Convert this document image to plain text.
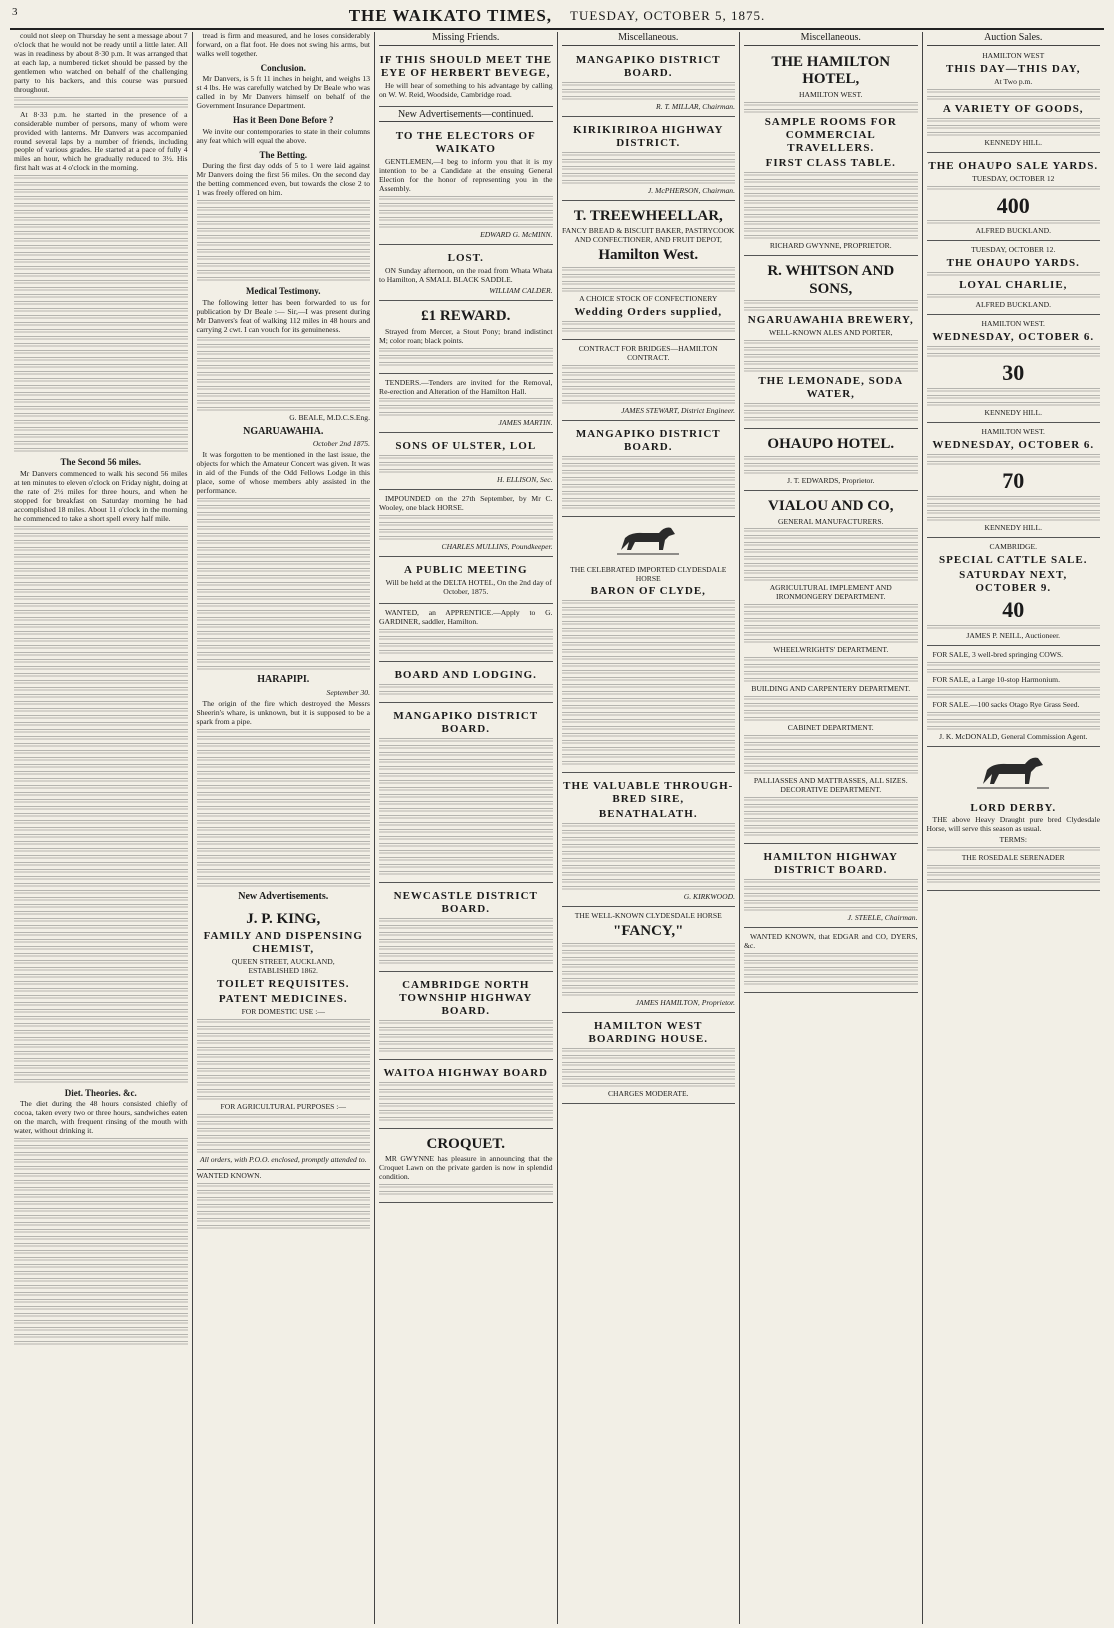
3	THE WAIKATO TIMES, TUESDAY, OCTOBER 5, 1875.

could not sleep on Thursday he sent a message about 7 o'clock that he would not be ready until a little later. All was in readiness by about 8·30 p.m. It was arranged that at each lap, a numbered ticket should be passed by the gentlemen who watched on behalf of the challenging party to his backers, and this course was pursued throughout.

At 8·33 p.m. he started in the presence of a considerable number of persons, many of whom were provided with lanterns. Mr Danvers was accompanied round several laps by a number of friends, including people of various grades. He started at a pace of fully 4 miles an hour, which he gradually reduced to 3½. His first halt was at 4 o'clock in the morning.

The Second 56 miles.

Mr Danvers commenced to walk his second 56 miles at ten minutes to eleven o'clock on Friday night, doing at the rate of 2½ miles for three hours, and when he stopped for breakfast on Saturday morning he had accomplished 18 miles. About 11 o'clock in the morning he commenced to take a short spell every half mile.

Diet. Theories. &c.

The diet during the 48 hours consisted chiefly of cocoa, taken every two or three hours, sandwiches eaten on the march, with frequent rinsing of the mouth with water, without drinking it.

tread is firm and measured, and he loses considerably forward, on a flat foot. He does not swing his arms, but walks well together.

Conclusion.

Mr Danvers, is 5 ft 11 inches in height, and weighs 13 st 4 lbs. He was carefully watched by Dr Beale who was called in by Mr Danvers himself on behalf of the Government Insurance Department.

Has it Been Done Before ?

We invite our contemporaries to state in their columns any feat which will equal the above.

The Betting.

During the first day odds of 5 to 1 were laid against Mr Danvers doing the first 56 miles. On the second day the betting commenced even, but towards the close 2 to 1 was freely offered on him.

Medical Testimony.

The following letter has been forwarded to us for publication by Dr Beale :— Sir,—I was present during Mr Danvers's feat of walking 112 miles in 48 hours and carrying 2 cwt. I can vouch for its genuineness.

G. BEALE, M.D.C.S.Eng.

NGARUAWAHIA.

October 2nd 1875.

It was forgotten to be mentioned in the last issue, the objects for which the Amateur Concert was given. It was in aid of the Funds of the Odd Fellows Lodge in this place, some of whose members ably assisted in the performance.

HARAPIPI.

September 30.

The origin of the fire which destroyed the Messrs Sheerin's whare, is unknown, but it is supposed to be a spark from a pipe.

New Advertisements.
J. P. KING,
FAMILY AND DISPENSING CHEMIST,
QUEEN STREET, AUCKLAND,
ESTABLISHED 1862.
TOILET REQUISITES.
PATENT MEDICINES.
FOR DOMESTIC USE :—
FOR AGRICULTURAL PURPOSES :—
All orders, with P.O.O. enclosed, promptly attended to.
WANTED KNOWN.
Missing Friends.
IF THIS SHOULD MEET THE EYE OF HERBERT BEVEGE,

He will hear of something to his advantage by calling on W. W. Reid, Woodside, Cambridge road.

New Advertisements—continued.
TO THE ELECTORS OF WAIKATO

GENTLEMEN,—I beg to inform you that it is my intention to be a Candidate at the ensuing General Election for the honor of representing you in the Assembly.

EDWARD G. McMINN.
LOST.

ON Sunday afternoon, on the road from Whata Whata to Hamilton, A SMALL BLACK SADDLE.

WILLIAM CALDER.
£1 REWARD.

Strayed from Mercer, a Stout Pony; brand indistinct M; color roan; black points.

TENDERS.—Tenders are invited for the Removal, Re-erection and Alteration of the Hamilton Hall.

JAMES MARTIN.
SONS OF ULSTER, LOL
H. ELLISON, Sec.

IMPOUNDED on the 27th September, by Mr C. Wooley, one black HORSE.

CHARLES MULLINS, Poundkeeper.
A PUBLIC MEETING

Will be held at the DELTA HOTEL, On the 2nd day of October, 1875.

WANTED, an APPRENTICE.—Apply to G. GARDINER, saddler, Hamilton.

BOARD AND LODGING.
MANGAPIKO DISTRICT BOARD.
NEWCASTLE DISTRICT BOARD.
CAMBRIDGE NORTH TOWNSHIP HIGHWAY BOARD.
WAITOA HIGHWAY BOARD
CROQUET.

MR GWYNNE has pleasure in announcing that the Croquet Lawn on the private garden is now in splendid condition.

Miscellaneous.
MANGAPIKO DISTRICT BOARD.
R. T. MILLAR, Chairman.
KIRIKIRIROA HIGHWAY DISTRICT.
J. McPHERSON, Chairman.
T. TREEWHEELLAR,
FANCY BREAD & BISCUIT BAKER, PASTRYCOOK AND CONFECTIONER, AND FRUIT DEPOT,
Hamilton West.
A CHOICE STOCK OF CONFECTIONERY
Wedding Orders supplied,
CONTRACT FOR BRIDGES—HAMILTON CONTRACT.
JAMES STEWART, District Engineer.
MANGAPIKO DISTRICT BOARD.
THE CELEBRATED IMPORTED CLYDESDALE HORSE
BARON OF CLYDE,
THE VALUABLE THROUGH-BRED SIRE,
BENATHALATH.
G. KIRKWOOD.
THE WELL-KNOWN CLYDESDALE HORSE
"FANCY,"
JAMES HAMILTON, Proprietor.
HAMILTON WEST BOARDING HOUSE.
CHARGES MODERATE.
Miscellaneous.
THE HAMILTON HOTEL,
HAMILTON WEST.
SAMPLE ROOMS FOR COMMERCIAL TRAVELLERS.
FIRST CLASS TABLE.
RICHARD GWYNNE, PROPRIETOR.
R. WHITSON AND SONS,
NGARUAWAHIA BREWERY,
WELL-KNOWN ALES AND PORTER,
THE LEMONADE, SODA WATER,
OHAUPO HOTEL.
J. T. EDWARDS, Proprietor.
VIALOU AND CO,
GENERAL MANUFACTURERS.
AGRICULTURAL IMPLEMENT AND IRONMONGERY DEPARTMENT.
WHEELWRIGHTS' DEPARTMENT.
BUILDING AND CARPENTERY DEPARTMENT.
CABINET DEPARTMENT.
PALLIASSES AND MATTRASSES, ALL SIZES.
DECORATIVE DEPARTMENT.
HAMILTON HIGHWAY DISTRICT BOARD.
J. STEELE, Chairman.

WANTED KNOWN, that EDGAR and CO, DYERS, &c.

Auction Sales.
HAMILTON WEST
THIS DAY—THIS DAY,
At Two p.m.
A VARIETY OF GOODS,
KENNEDY HILL.
THE OHAUPO SALE YARDS.
TUESDAY, OCTOBER 12
400
ALFRED BUCKLAND.
TUESDAY, OCTOBER 12.
THE OHAUPO YARDS.
LOYAL CHARLIE,
ALFRED BUCKLAND.
HAMILTON WEST.
WEDNESDAY, OCTOBER 6.
30
KENNEDY HILL.
HAMILTON WEST.
WEDNESDAY, OCTOBER 6.
70
KENNEDY HILL.
CAMBRIDGE.
SPECIAL CATTLE SALE.
SATURDAY NEXT, OCTOBER 9.
40
JAMES P. NEILL, Auctioneer.

FOR SALE, 3 well-bred springing COWS.

FOR SALE, a Large 10-stop Harmonium.

FOR SALE.—100 sacks Otago Rye Grass Seed.

J. K. McDONALD, General Commission Agent.
LORD DERBY.

THE above Heavy Draught pure bred Clydesdale Horse, will serve this season as usual.

TERMS:
THE ROSEDALE SERENADER
